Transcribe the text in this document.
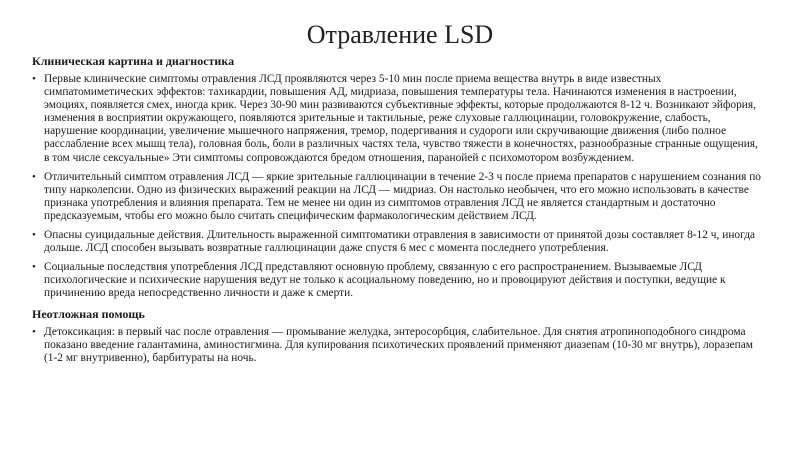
Отравление LSD
Клиническая картина и диагностика
• Первые клинические симптомы отравления ЛСД проявляются через 5-10 мин после приема вещества внутрь в виде известных симпатомиметических эффектов: тахикардии, повышения АД, мидриаза, повышения температуры тела. Начинаются изменения в настроении, эмоциях, появляется смех, иногда крик. Через 30-90 мин развиваются субъективные эффекты, которые продолжаются 8-12 ч. Возникают эйфория, изменения в восприятии окружающего, появляются зрительные и тактильные, реже слуховые галлюцинации, головокружение, слабость, нарушение координации, увеличение мышечного напряжения, тремор, подергивания и судороги или скручивающие движения (либо полное расслабление всех мышц тела), головная боль, боли в различных частях тела, чувство тяжести в конечностях, разнообразные странные ощущения, в том числе сексуальные» Эти симптомы сопровождаются бредом отношения, паранойей с психомотором возбуждением.
• Отличительный симптом отравления ЛСД — яркие зрительные галлюцинации в течение 2-3 ч после приема препаратов с нарушением сознания по типу нарколепсии. Одно из физических выражений реакции на ЛСД — мидриаз. Он настолько необычен, что его можно использовать в качестве признака употребления и влияния препарата. Тем не менее ни один из симптомов отравления ЛСД не является стандартным и достаточно предсказуемым, чтобы его можно было считать специфическим фармакологическим действием ЛСД.
• Опасны суицидальные действия. Длительность выраженной симптоматики отравления в зависимости от принятой дозы составляет 8-12 ч, иногда дольше. ЛСД способен вызывать возвратные галлюцинации даже спустя 6 мес с момента последнего употребления.
• Социальные последствия употребления ЛСД представляют основную проблему, связанную с его распространением. Вызываемые ЛСД психологические и психические нарушения ведут не только к асоциальному поведению, но и провоцируют действия и поступки, ведущие к причинению вреда непосредственно личности и даже к смерти.
Неотложная помощь
• Детоксикация: в первый час после отравления — промывание желудка, энтеросорбция, слабительное. Для снятия атропиноподобного синдрома показано введение галантамина, аминостигмина. Для купирования психотических проявлений применяют диазепам (10-30 мг внутрь), лоразепам (1-2 мг внутривенно), барбитураты на ночь.
